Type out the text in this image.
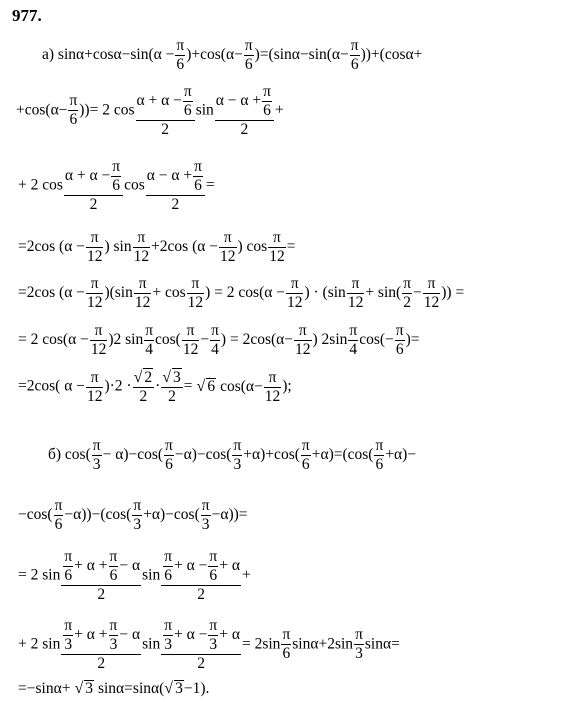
977.
а) $\sin\alpha+\cos\alpha-\sin(\alpha - \frac{\pi}{6} )+\cos(\alpha- \frac{\pi}{6} )=(\sin\alpha-\sin(\alpha- \frac{\pi}{6} ))+(\cos\alpha+$
$+\cos(\alpha- \frac{\pi}{6}$ ))= 2 $\cos \frac{\alpha + \alpha - \frac{\pi}{6}}{2}$ $\sin \frac{\alpha - \alpha + \frac{\pi}{6}}{2}$ +
+ 2 $\cos \frac{\alpha + \alpha - \frac{\pi}{6}}{2}$ $\cos \frac{\alpha - \alpha + \frac{\pi}{6}}{2}$ =
=2cos ($\alpha - \frac{\pi}{12}$ ) $\sin \frac{\pi}{12} +2\cos$ ($\alpha - \frac{\pi}{12}$ ) $\cos \frac{\pi}{12}$ =
=2cos $(\alpha - \frac{\pi}{12} )(\sin \frac{\pi}{12} + \cos \frac{\pi}{12}$ ) = 2 $\cos(\alpha - \frac{\pi}{12}$ ) · ($\sin \frac{\pi}{12} + \sin( \frac{\pi}{2} - \frac{\pi}{12}$ )) =
= 2 $\cos(\alpha - \frac{\pi}{12} )2$ $\sin \frac{\pi}{4} \cos( \frac{\pi}{12} - \frac{\pi}{4}$ ) = $2\cos(\alpha- \frac{\pi}{12}$ ) $2\sin \frac{\pi}{4} \cos(- \frac{\pi}{6}$ )=
=2cos( $\alpha - \frac{\pi}{12} )\cdot 2 \cdot \frac{√ 2}{2} \cdot \frac{√ 3}{2}$ = √ 6 $\cos(\alpha- \frac{\pi}{12}$ );
б) $\cos( \frac{\pi}{3} - \alpha)-\cos( \frac{\pi}{6} -\alpha)-\cos( \frac{\pi}{3} +\alpha)+\cos( \frac{\pi}{6} +\alpha)=(\cos( \frac{\pi}{6} +\alpha)-$
$-\cos( \frac{\pi}{6} -\alpha))-(\cos( \frac{\pi}{3} +\alpha)-\cos( \frac{\pi}{3} -\alpha))=$
= 2 $\sin \frac{\frac{\pi}{6} + \alpha + \frac{\pi}{6} - \alpha}{2}$ $\sin \frac{\frac{\pi}{6} + \alpha - \frac{\pi}{6} + \alpha}{2}$ +
+ 2 $\sin \frac{\frac{\pi}{3} + \alpha + \frac{\pi}{3} - \alpha}{2}$ $\sin \frac{\frac{\pi}{3} + \alpha - \frac{\pi}{3} + \alpha}{2} = 2\sin \frac{\pi}{6} \sin\alpha+2\sin \frac{\pi}{3} \sin\alpha=$
=−sinα+ √ 3 sinα=sinα(√ 3−1).
